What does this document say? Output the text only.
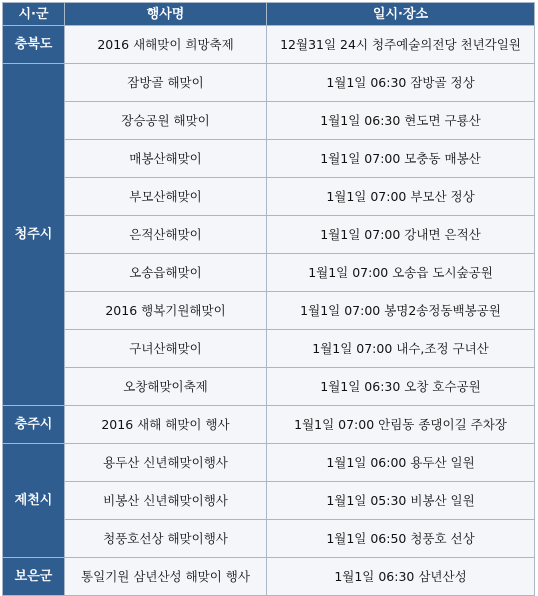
시·군	행사명	일시·장소
충북도	2016 새해맞이 희망축제	12월31일 24시 청주예술의전당 천년각일원
청주시	잠방골 해맞이	1월1일 06:30 잠방골 정상
	장승공원 해맞이	1월1일 06:30 현도면 구룡산
	매봉산해맞이	1월1일 07:00 모충동 매봉산
	부모산해맞이	1월1일 07:00 부모산 정상
	은적산해맞이	1월1일 07:00 강내면 은적산
	오송읍해맞이	1월1일 07:00 오송읍 도시숲공원
	2016 행복기원해맞이	1월1일 07:00 봉명2송정동백봉공원
	구녀산해맞이	1월1일 07:00 내수,조정 구녀산
	오창해맞이축제	1월1일 06:30 오창 호수공원
충주시	2016 새해 해맞이 행사	1월1일 07:00 안림동 종댕이길 주차장
제천시	용두산 신년해맞이행사	1월1일 06:00 용두산 일원
	비봉산 신년해맞이행사	1월1일 05:30 비봉산 일원
	청풍호선상 해맞이행사	1월1일 06:50 청풍호 선상
보은군	통일기원 삼년산성 해맞이 행사	1월1일 06:30 삼년산성
